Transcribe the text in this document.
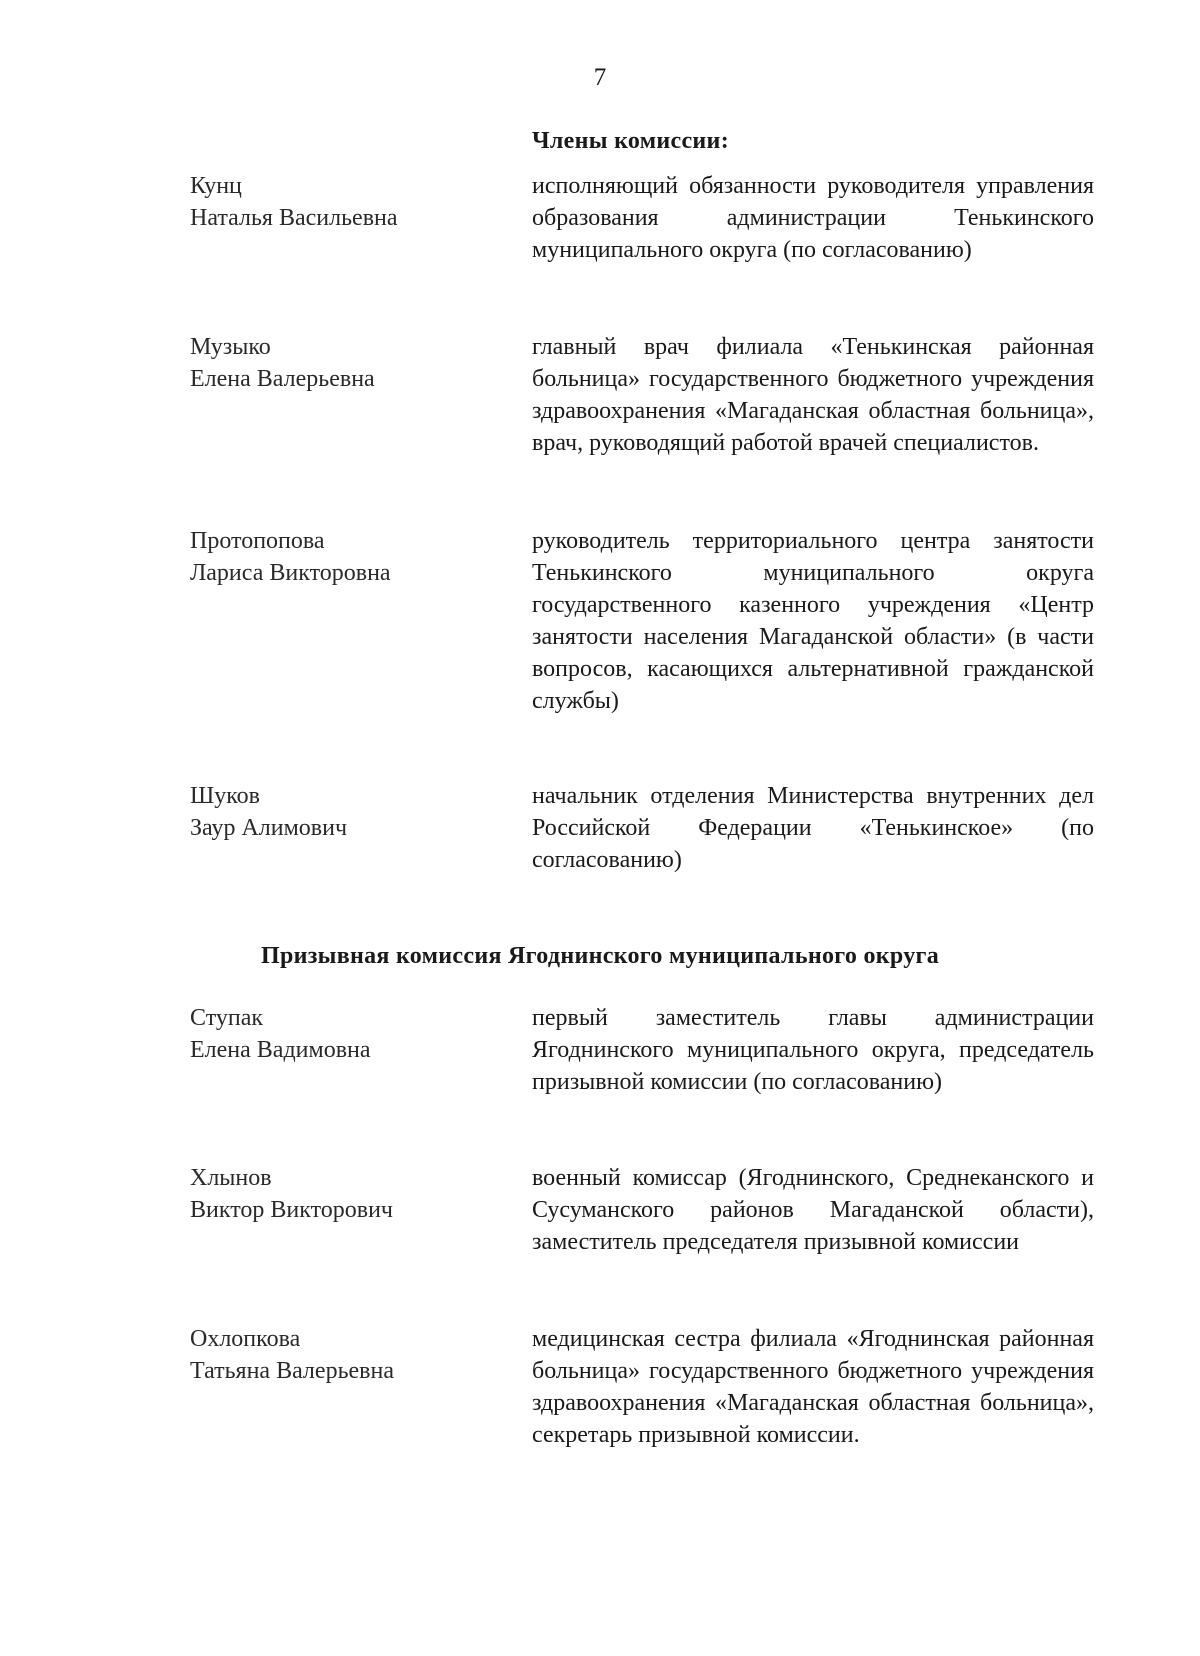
7
Члены комиссии:
Кунц
Наталья Васильевна
исполняющий обязанности руководителя управления образования администрации Тенькинского муниципального округа (по согласованию)
Музыко
Елена Валерьевна
главный врач филиала «Тенькинская районная больница» государственного бюджетного учреждения здравоохранения «Магаданская областная больница», врач, руководящий работой врачей специалистов.
Протопопова
Лариса Викторовна
руководитель территориального центра занятости Тенькинского муниципального округа государственного казенного учреждения «Центр занятости населения Магаданской области» (в части вопросов, касающихся альтернативной гражданской службы)
Шуков
Заур Алимович
начальник отделения Министерства внутренних дел Российской Федерации «Тенькинское» (по согласованию)
Призывная комиссия Ягоднинского муниципального округа
Ступак
Елена Вадимовна
первый заместитель главы администрации Ягоднинского муниципального округа, председатель призывной комиссии (по согласованию)
Хлынов
Виктор Викторович
военный комиссар (Ягоднинского, Среднеканского и Сусуманского районов Магаданской области), заместитель председателя призывной комиссии
Охлопкова
Татьяна Валерьевна
медицинская сестра филиала «Ягоднинская районная больница» государственного бюджетного учреждения здравоохранения «Магаданская областная больница», секретарь призывной комиссии.
